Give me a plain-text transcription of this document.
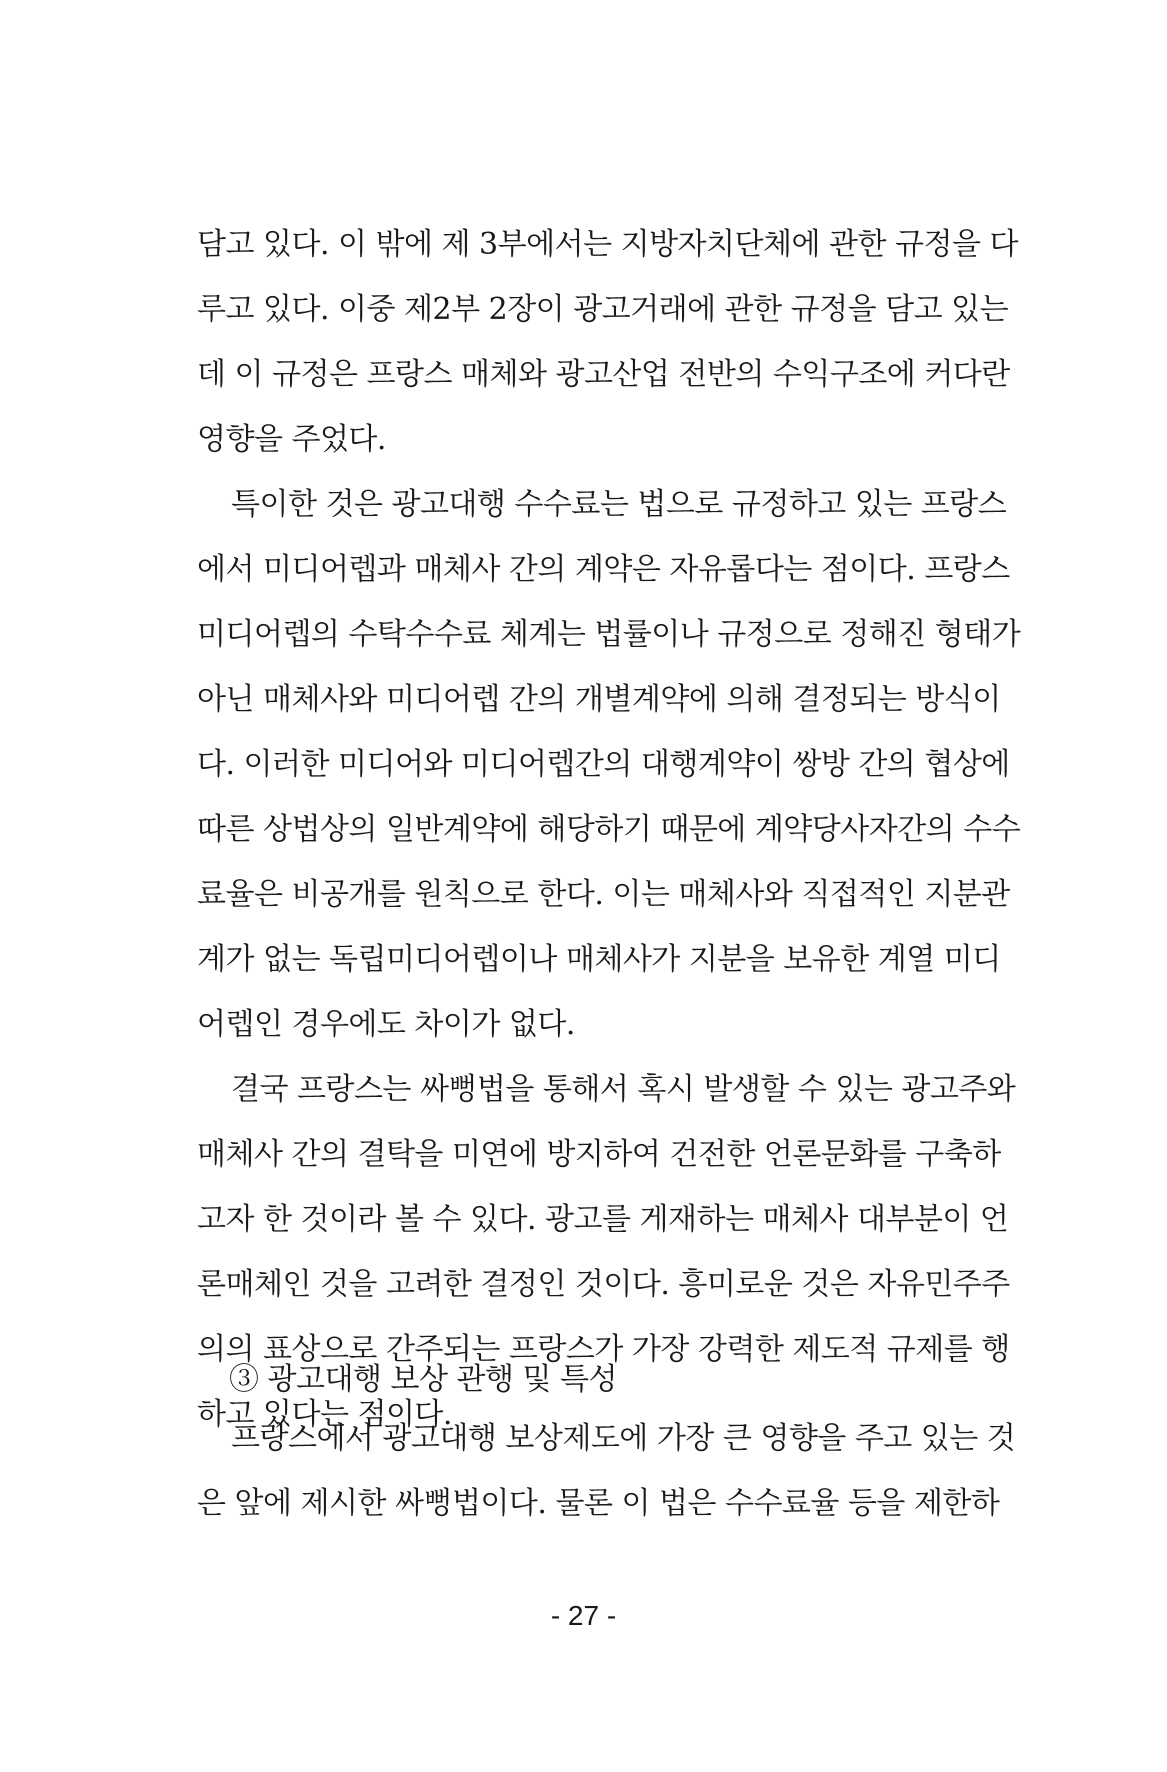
담고 있다. 이 밖에 제 3부에서는 지방자치단체에 관한 규정을 다
루고 있다. 이중 제2부 2장이 광고거래에 관한 규정을 담고 있는
데 이 규정은 프랑스 매체와 광고산업 전반의 수익구조에 커다란
영향을 주었다.
특이한 것은 광고대행 수수료는 법으로 규정하고 있는 프랑스
에서 미디어렙과 매체사 간의 계약은 자유롭다는 점이다. 프랑스
미디어렙의 수탁수수료 체계는 법률이나 규정으로 정해진 형태가
아닌 매체사와 미디어렙 간의 개별계약에 의해 결정되는 방식이
다. 이러한 미디어와 미디어렙간의 대행계약이 쌍방 간의 협상에
따른 상법상의 일반계약에 해당하기 때문에 계약당사자간의 수수
료율은 비공개를 원칙으로 한다. 이는 매체사와 직접적인 지분관
계가 없는 독립미디어렙이나 매체사가 지분을 보유한 계열 미디
어렙인 경우에도 차이가 없다.
결국 프랑스는 싸뻥법을 통해서 혹시 발생할 수 있는 광고주와
매체사 간의 결탁을 미연에 방지하여 건전한 언론문화를 구축하
고자 한 것이라 볼 수 있다. 광고를 게재하는 매체사 대부분이 언
론매체인 것을 고려한 결정인 것이다. 흥미로운 것은 자유민주주
의의 표상으로 간주되는 프랑스가 가장 강력한 제도적 규제를 행
하고 있다는 점이다.
③ 광고대행 보상 관행 및 특성
프랑스에서 광고대행 보상제도에 가장 큰 영향을 주고 있는 것
은 앞에 제시한 싸뻥법이다. 물론 이 법은 수수료율 등을 제한하
- 27 -
